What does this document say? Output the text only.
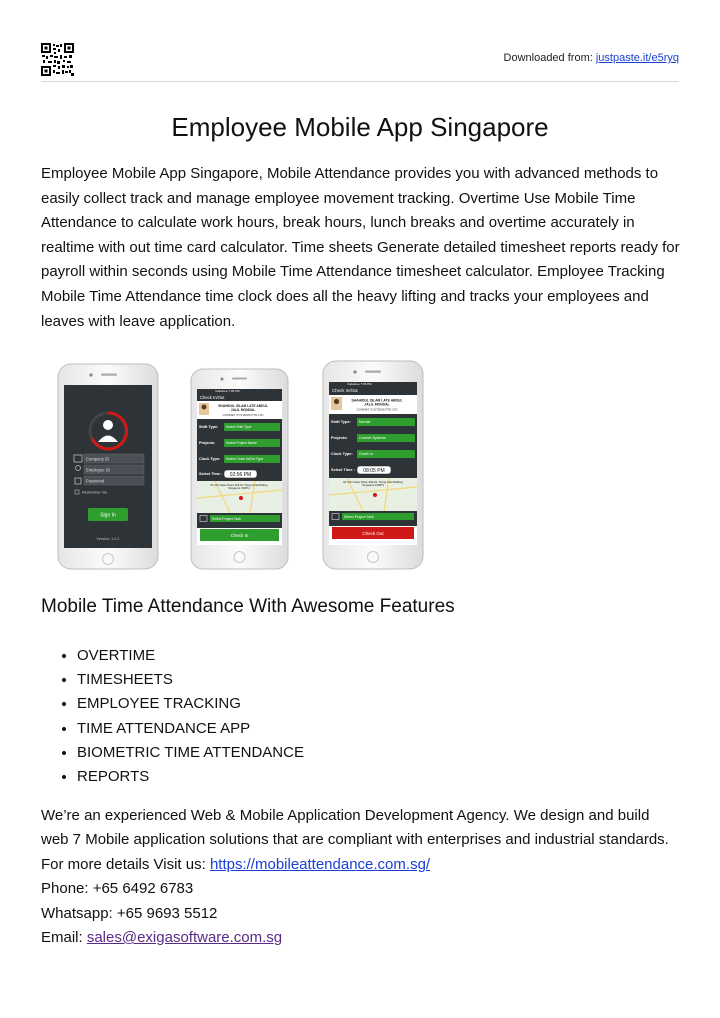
Downloaded from: justpaste.it/e5ryq
Employee Mobile App Singapore

Employee Mobile App Singapore, Mobile Attendance provides you with advanced methods to easily collect track and manage employee movement tracking. Overtime Use Mobile Time Attendance to calculate work hours, break hours, lunch breaks and overtime accurately in realtime with out time card calculator. Time sheets Generate detailed timesheet reports ready for payroll within seconds using Mobile Time Attendance timesheet calculator. Employee Tracking Mobile Time Attendance time clock does all the heavy lifting and tracks your employees and leaves with leave application.

Company ID
Employee ID
Password
Remember me
Sign In
Version: 1.0.1
Vodafone 7:05 PM
Check In/Out
SHAHIDUL ISLAM LATE ABDUL
JALIL MONDAL
COMNET SYSTEMS PTE LTD
Shift Type: Select Shift Type
Projects:	Select Project Name
Clock Type: Select Clock In/Out Type
Select Time : 02:56 PM
50 Chin Swee Road, #09-04, Thong Chai Building
Singapore 169874
Select Project Task
Check In
Vodafone 7:05 PM
Check In/Out
SHAHIDUL ISLAM LATE ABDUL
JALIL MONDAL
COMNET SYSTEMS PTE LTD
Shift Type: Normal
Projects:	Comnet Systems
Clock Type: Check In
Select Time : 08:05 PM
50 Chin Swee Road, #09-04, Thong Chai Building
Singapore 169874
Select Project Task
Check Out
Mobile Time Attendance With Awesome Features
• OVERTIME
• TIMESHEETS
• EMPLOYEE TRACKING
• TIME ATTENDANCE APP
• BIOMETRIC TIME ATTENDANCE
• REPORTS

We’re an experienced Web & Mobile Application Development Agency. We design and build web 7 Mobile application solutions that are compliant with enterprises and industrial standards.

For more details Visit us: https://mobileattendance.com.sg/

Phone: +65 6492 6783

Whatsapp: +65 9693 5512

Email: sales@exigasoftware.com.sg
